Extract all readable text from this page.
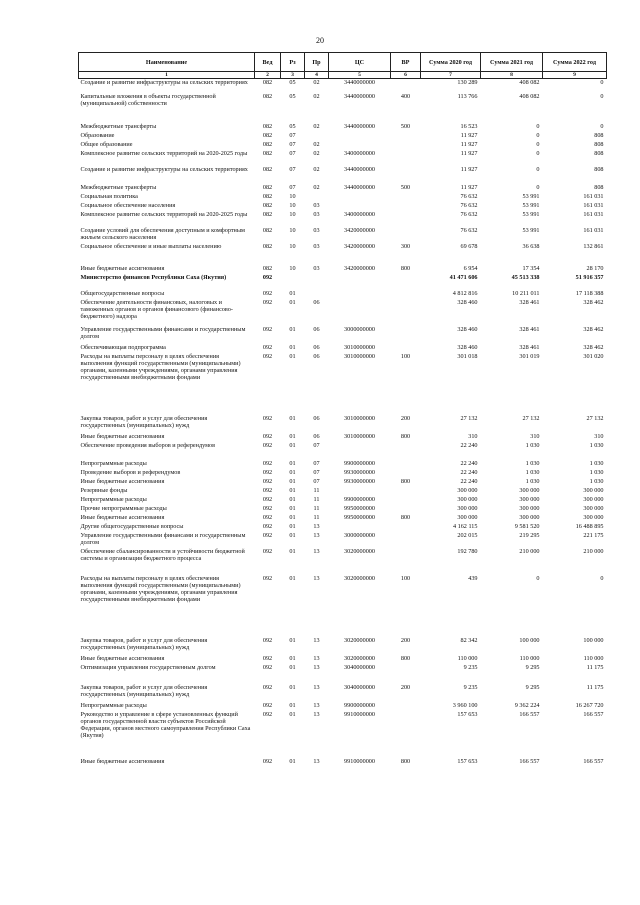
20
Наименование	Вед	Рз	Пр	ЦС	ВР	Сумма 2020 год	Сумма 2021 год	Сумма 2022 год
1	2	3	4	5	6	7	8	9
Создание и развитие инфраструктуры на сельских территориях	082	05	02	3440000000		130 289	408 082	0
Капитальные вложения в объекты государственной (муниципальной) собственности	082	05	02	3440000000	400	113 766	408 082	0
Межбюджетные трансферты	082	05	02	3440000000	500	16 523	0	0
Образование	082	07				11 927	0	808
Общее образование	082	07	02			11 927	0	808
Комплексное развитие сельских территорий на 2020-2025 годы	082	07	02	3400000000		11 927	0	808
Создание и развитие инфраструктуры на сельских территориях	082	07	02	3440000000		11 927	0	808
Межбюджетные трансферты	082	07	02	3440000000	500	11 927	0	808
Социальная политика	082	10				76 632	53 991	161 031
Социальное обеспечение населения	082	10	03			76 632	53 991	161 031
Комплексное развитие сельских территорий на 2020-2025 годы	082	10	03	3400000000		76 632	53 991	161 031
Создание условий для обеспечения доступным и комфортным жильем сельского населения	082	10	03	3420000000		76 632	53 991	161 031
Социальное обеспечение и иные выплаты населению	082	10	03	3420000000	300	69 678	36 638	132 861
Иные бюджетные ассигнования	082	10	03	3420000000	800	6 954	17 354	28 170
Министерство финансов Республики Саха (Якутия)	092					41 471 606	45 513 338	51 916 357
Общегосударственные вопросы	092	01				4 812 816	10 211 011	17 118 388
Обеспечение деятельности финансовых, налоговых и таможенных органов и органов финансового (финансово-бюджетного) надзора	092	01	06			328 460	328 461	328 462
Управление государственными финансами и государственным долгом	092	01	06	3000000000		328 460	328 461	328 462
Обеспечивающая подпрограмма	092	01	06	3010000000		328 460	328 461	328 462
Расходы на выплаты персоналу в целях обеспечения выполнения функций государственными (муниципальными) органами, казенными учреждениями, органами управления государственными внебюджетными фондами	092	01	06	3010000000	100	301 018	301 019	301 020
Закупка товаров, работ и услуг для обеспечения государственных (муниципальных) нужд	092	01	06	3010000000	200	27 132	27 132	27 132
Иные бюджетные ассигнования	092	01	06	3010000000	800	310	310	310
Обеспечение проведения выборов и референдумов	092	01	07			22 240	1 030	1 030
Непрограммные расходы	092	01	07	9900000000		22 240	1 030	1 030
Проведение выборов и референдумов	092	01	07	9930000000		22 240	1 030	1 030
Иные бюджетные ассигнования	092	01	07	9930000000	800	22 240	1 030	1 030
Резервные фонды	092	01	11			300 000	300 000	300 000
Непрограммные расходы	092	01	11	9900000000		300 000	300 000	300 000
Прочие непрограммные расходы	092	01	11	9950000000		300 000	300 000	300 000
Иные бюджетные ассигнования	092	01	11	9950000000	800	300 000	300 000	300 000
Другие общегосударственные вопросы	092	01	13			4 162 115	9 581 520	16 488 895
Управление государственными финансами и государственным долгом	092	01	13	3000000000		202 015	219 295	221 175
Обеспечение сбалансированности и устойчивости бюджетной системы и организация бюджетного процесса	092	01	13	3020000000		192 780	210 000	210 000
Расходы на выплаты персоналу в целях обеспечения выполнения функций государственными (муниципальными) органами, казенными учреждениями, органами управления государственными внебюджетными фондами	092	01	13	3020000000	100	439	0	0
Закупка товаров, работ и услуг для обеспечения государственных (муниципальных) нужд	092	01	13	3020000000	200	82 342	100 000	100 000
Иные бюджетные ассигнования	092	01	13	3020000000	800	110 000	110 000	110 000
Оптимизация управления государственным долгом	092	01	13	3040000000		9 235	9 295	11 175
Закупка товаров, работ и услуг для обеспечения государственных (муниципальных) нужд	092	01	13	3040000000	200	9 235	9 295	11 175
Непрограммные расходы	092	01	13	9900000000		3 960 100	9 362 224	16 267 720
Руководство и управление в сфере установленных функций органов государственной власти субъектов Российской Федерации, органов местного самоуправления Республики Саха (Якутия)	092	01	13	9910000000		157 653	166 557	166 557
Иные бюджетные ассигнования	092	01	13	9910000000	800	157 653	166 557	166 557
